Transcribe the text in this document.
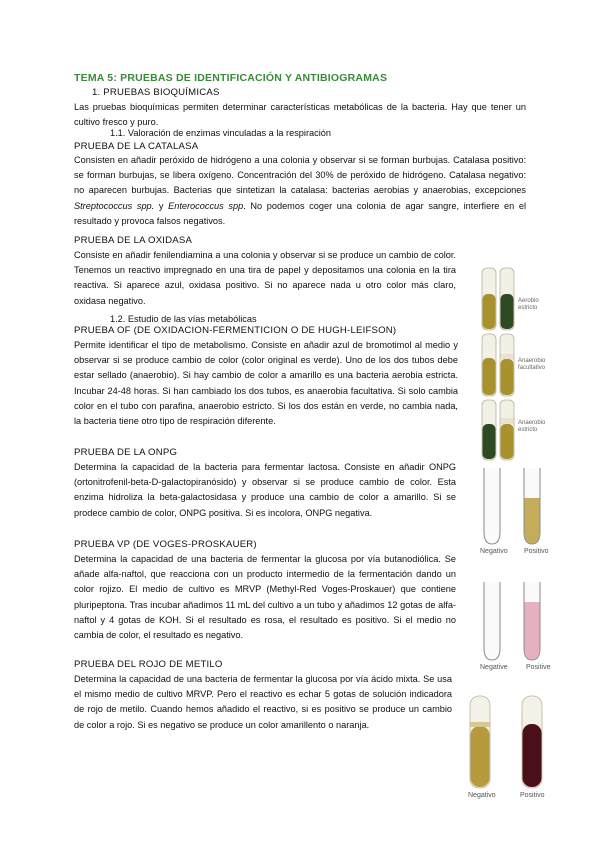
TEMA 5: PRUEBAS DE IDENTIFICACIÓN Y ANTIBIOGRAMAS
1. PRUEBAS BIOQUÍMICAS
Las pruebas bioquímicas permiten determinar características metabólicas de la bacteria. Hay que tener un cultivo fresco y puro.
1.1. Valoración de enzimas vinculadas a la respiración
PRUEBA DE LA CATALASA
Consisten en añadir peróxido de hidrógeno a una colonia y observar si se forman burbujas. Catalasa positivo: se forman burbujas, se libera oxígeno. Concentración del 30% de peróxido de hidrógeno. Catalasa negativo: no aparecen burbujas. Bacterias que sintetizan la catalasa: bacterias aerobias y anaerobias, excepciones Streptococcus spp. y Enterococcus spp. No podemos coger una colonia de agar sangre, interfiere en el resultado y provoca falsos negativos.
PRUEBA DE LA OXIDASA
Consiste en añadir fenilendiamina a una colonia y observar si se produce un cambio de color. Tenemos un reactivo impregnado en una tira de papel y depositamos una colonia en la tira reactiva. Si aparece azul, oxidasa positivo. Si no aparece nada u otro color más claro, oxidasa negativo.
1.2. Estudio de las vías metabólicas
PRUEBA OF (DE OXIDACION-FERMENTICION O DE HUGH-LEIFSON)
Permite identificar el tipo de metabolismo. Consiste en añadir azul de bromotimol al medio y observar si se produce cambio de color (color original es verde). Uno de los dos tubos debe estar sellado (anaerobio). Si hay cambio de color a amarillo es una bacteria aerobia estricta. Incubar 24-48 horas. Si han cambiado los dos tubos, es anaerobia facultativa. Si solo cambia color en el tubo con parafina, anaerobio estricto. Si los dos están en verde, no cambia nada, la bacteria tiene otro tipo de respiración diferente.
PRUEBA DE LA ONPG
Determina la capacidad de la bacteria para fermentar lactosa. Consiste en añadir ONPG (ortonitrofenil-beta-D-galactopiranósido) y observar si se produce cambio de color. Esta enzima hidroliza la beta-galactosidasa y produce una cambio de color a amarillo. Si se prodece cambio de color, ONPG positiva. Si es incolora, ONPG negativa.
PRUEBA VP (DE VOGES-PROSKAUER)
Determina la capacidad de una bacteria de fermentar la glucosa por vía butanodiólica. Se añade alfa-naftol, que reacciona con un producto intermedio de la fermentación dando un color rojizo. El medio de cultivo es MRVP (Methyl-Red Voges-Proskauer) que contiene pluripeptona. Tras incubar añadimos 11 mL del cultivo a un tubo y añadimos 12 gotas de alfa-naftol y 4 gotas de KOH. Si el resultado es rosa, el resultado es positivo. Si el medio no cambia de color, el resultado es negativo.
PRUEBA DEL ROJO DE METILO
Determina la capacidad de una bacteria de fermentar la glucosa por vía ácido mixta. Se usa el mismo medio de cultivo MRVP. Pero el reactivo es echar 5 gotas de solución indicadora de rojo de metilo. Cuando hemos añadido el reactivo, si es positivo se produce un cambio de color a rojo. Si es negativo se produce un color amarillento o naranja.
Aerobio estricto
Anaerobio facultativo
Anaerobio estricto
Negativo Positivo
Negative	Positive
Negativo	Positivo
